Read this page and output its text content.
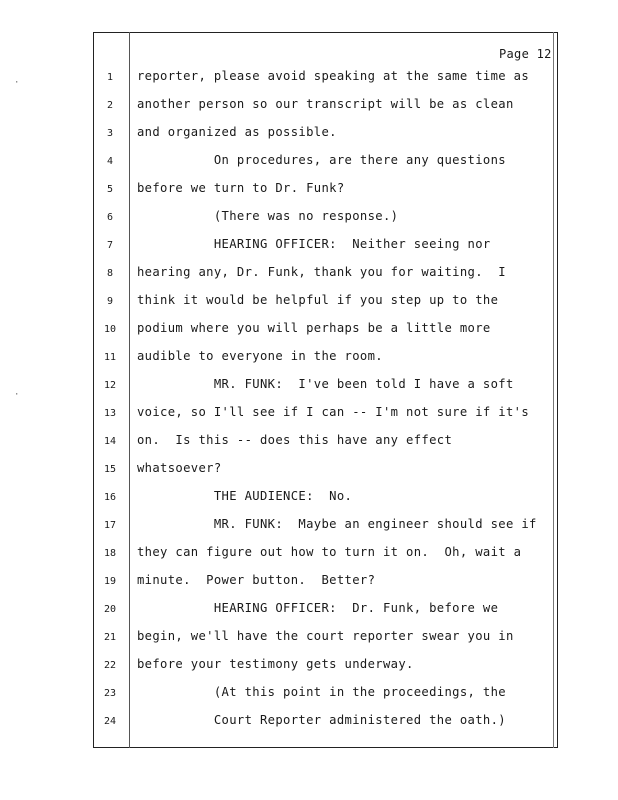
·
·
Page 12
1	reporter, please avoid speaking at the same time as
2	another person so our transcript will be as clean
3	and organized as possible.
4	On procedures, are there any questions
5	before we turn to Dr. Funk?
6	(There was no response.)
7	HEARING OFFICER:  Neither seeing nor
8	hearing any, Dr. Funk, thank you for waiting.  I
9	think it would be helpful if you step up to the
10	podium where you will perhaps be a little more
11	audible to everyone in the room.
12	MR. FUNK:  I've been told I have a soft
13	voice, so I'll see if I can -- I'm not sure if it's
14	on.  Is this -- does this have any effect
15	whatsoever?
16	THE AUDIENCE:  No.
17	MR. FUNK:  Maybe an engineer should see if
18	they can figure out how to turn it on.  Oh, wait a
19	minute.  Power button.  Better?
20	HEARING OFFICER:  Dr. Funk, before we
21	begin, we'll have the court reporter swear you in
22	before your testimony gets underway.
23	(At this point in the proceedings, the
24	Court Reporter administered the oath.)
